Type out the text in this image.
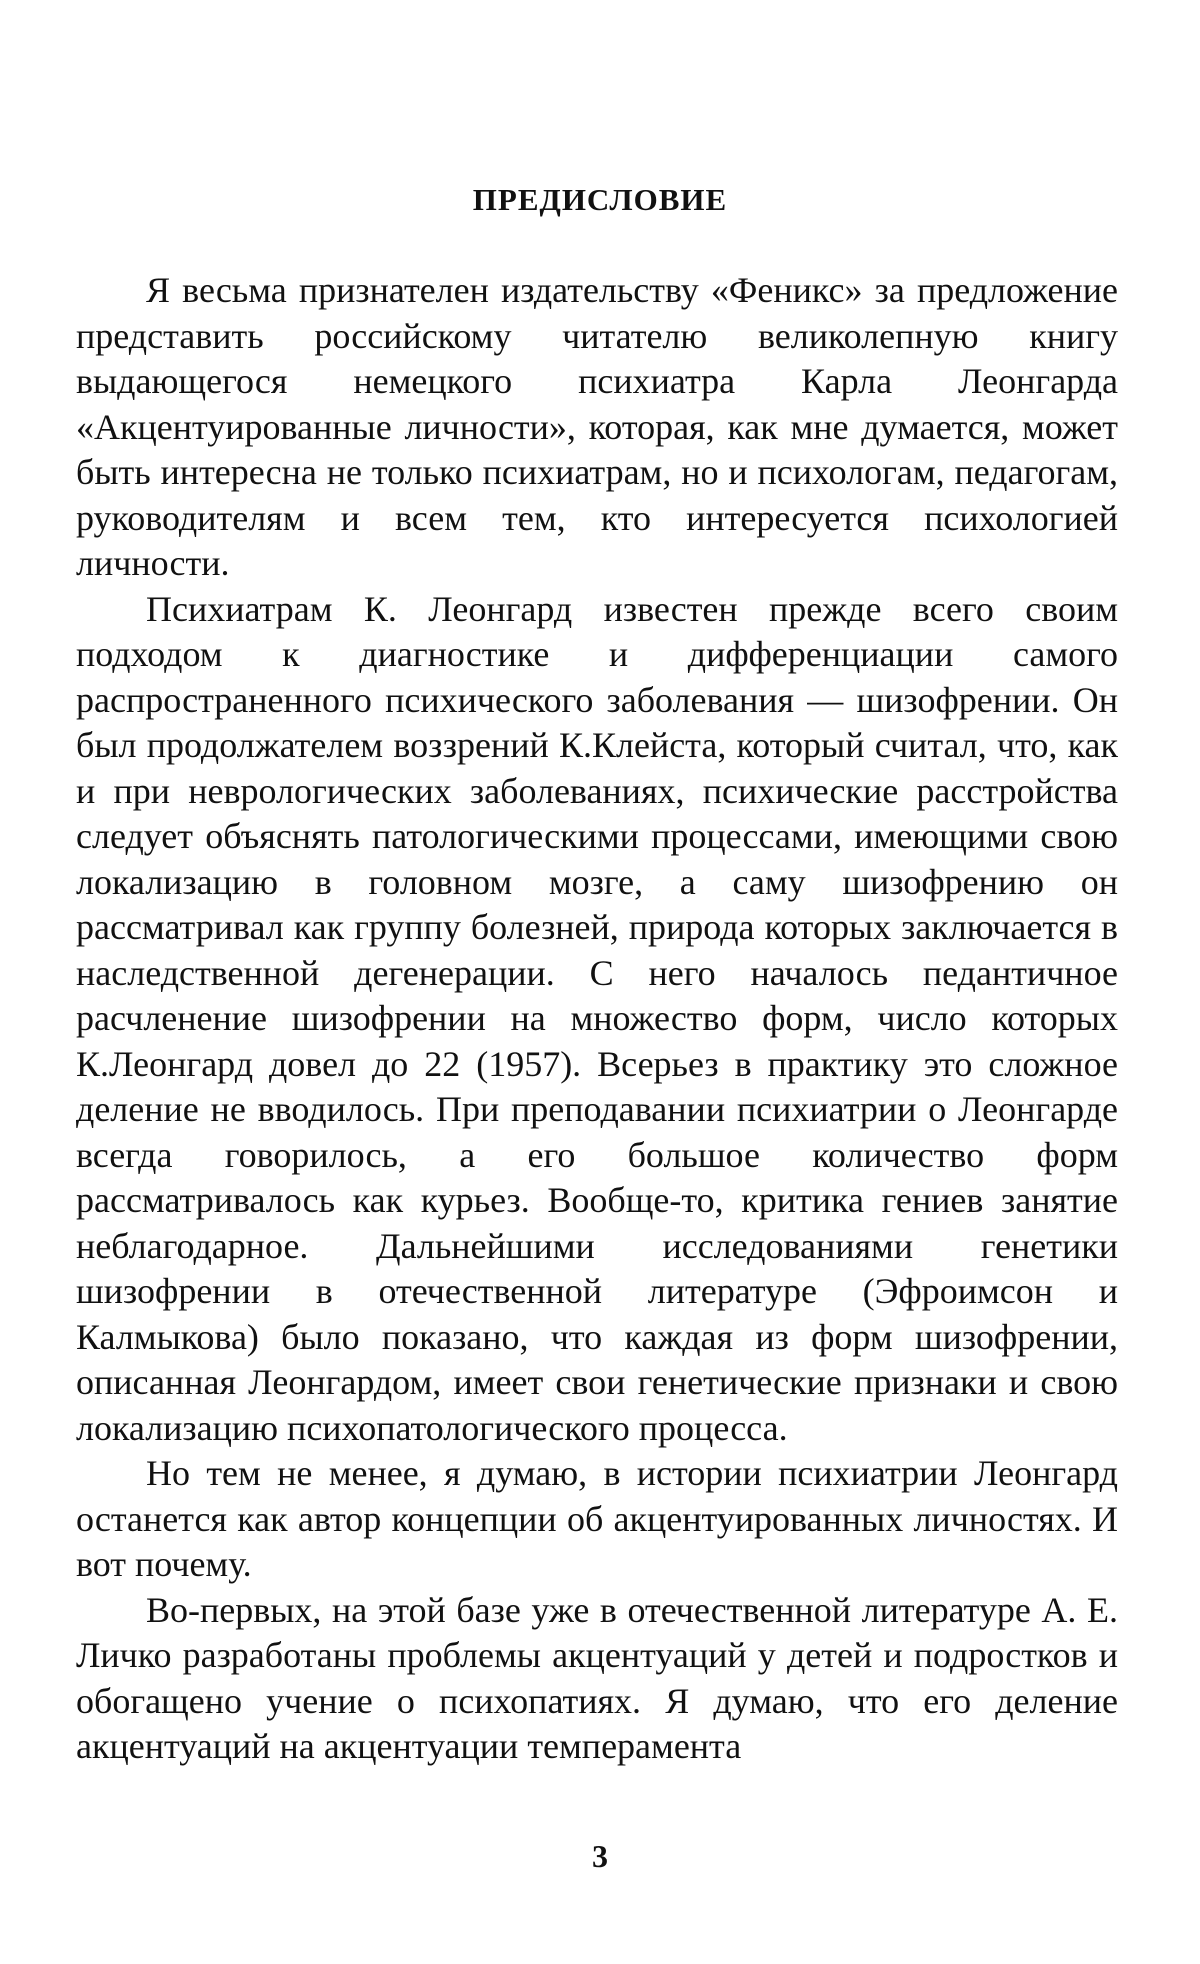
ПРЕДИСЛОВИЕ

Я весьма признателен издательству «Феникс» за предложение представить российскому читателю великолепную книгу выдающегося немецкого психиатра Карла Леонгарда «Акцентуированные личности», которая, как мне думается, может быть интересна не только психиатрам, но и психологам, педагогам, руководителям и всем тем, кто интересуется психологией личности.

Психиатрам К. Леонгард известен прежде всего своим подходом к диагностике и дифференциации самого распространенного психического заболевания — шизофрении. Он был продолжателем воззрений К.Клейста, который считал, что, как и при неврологических заболеваниях, психические расстройства следует объяснять патологическими процессами, имеющими свою локализацию в головном мозге, а саму шизофрению он рассматривал как группу болезней, природа которых заключается в наследственной дегенерации. С него началось педантичное расчленение шизофрении на множество форм, число которых К.Леонгард довел до 22 (1957). Всерьез в практику это сложное деление не вводилось. При преподавании психиатрии о Леонгарде всегда говорилось, а его большое количество форм рассматривалось как курьез. Вообще-то, критика гениев занятие неблагодарное. Дальнейшими исследованиями генетики шизофрении в отечественной литературе (Эфроимсон и Калмыкова) было показано, что каждая из форм шизофрении, описанная Леонгардом, имеет свои генетические признаки и свою локализацию психопатологического процесса.

Но тем не менее, я думаю, в истории психиатрии Леонгард останется как автор концепции об акцентуированных личностях. И вот почему.

Во-первых, на этой базе уже в отечественной литературе А. Е. Личко разработаны проблемы акцентуаций у детей и подростков и обогащено учение о психопатиях. Я думаю, что его деление акцентуаций на акцентуации темперамента

3
